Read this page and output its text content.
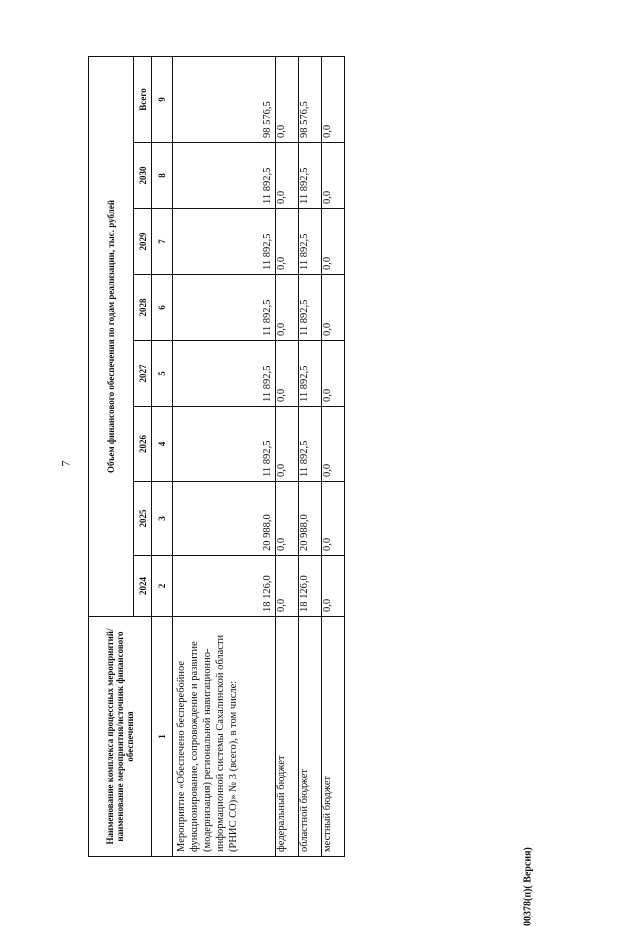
7
Наименование комплекса процессных мероприятий/наименование мероприятия/источник финансового обеспечения	Объем финансового обеспечения по годам реализации, тыс. рублей							
	2024	2025	2026	2027	2028	2029	2030	Всего
1	2	3	4	5	6	7	8	9
Мероприятие «Обеспечено бесперебойное функционирование, сопровождение и развитие (модернизация) региональной навигационно-информационной системы Сахалинской области (РНИС СО)» № 3 (всего), в том числе:	18 126,0	20 988,0	11 892,5	11 892,5	11 892,5	11 892,5	11 892,5	98 576,5
федеральный бюджет	0,0	0,0	0,0	0,0	0,0	0,0	0,0	0,0
областной бюджет	18 126,0	20 988,0	11 892,5	11 892,5	11 892,5	11 892,5	11 892,5	98 576,5
местный бюджет	0,0	0,0	0,0	0,0	0,0	0,0	0,0	0,0
00378(п)( Версия)
